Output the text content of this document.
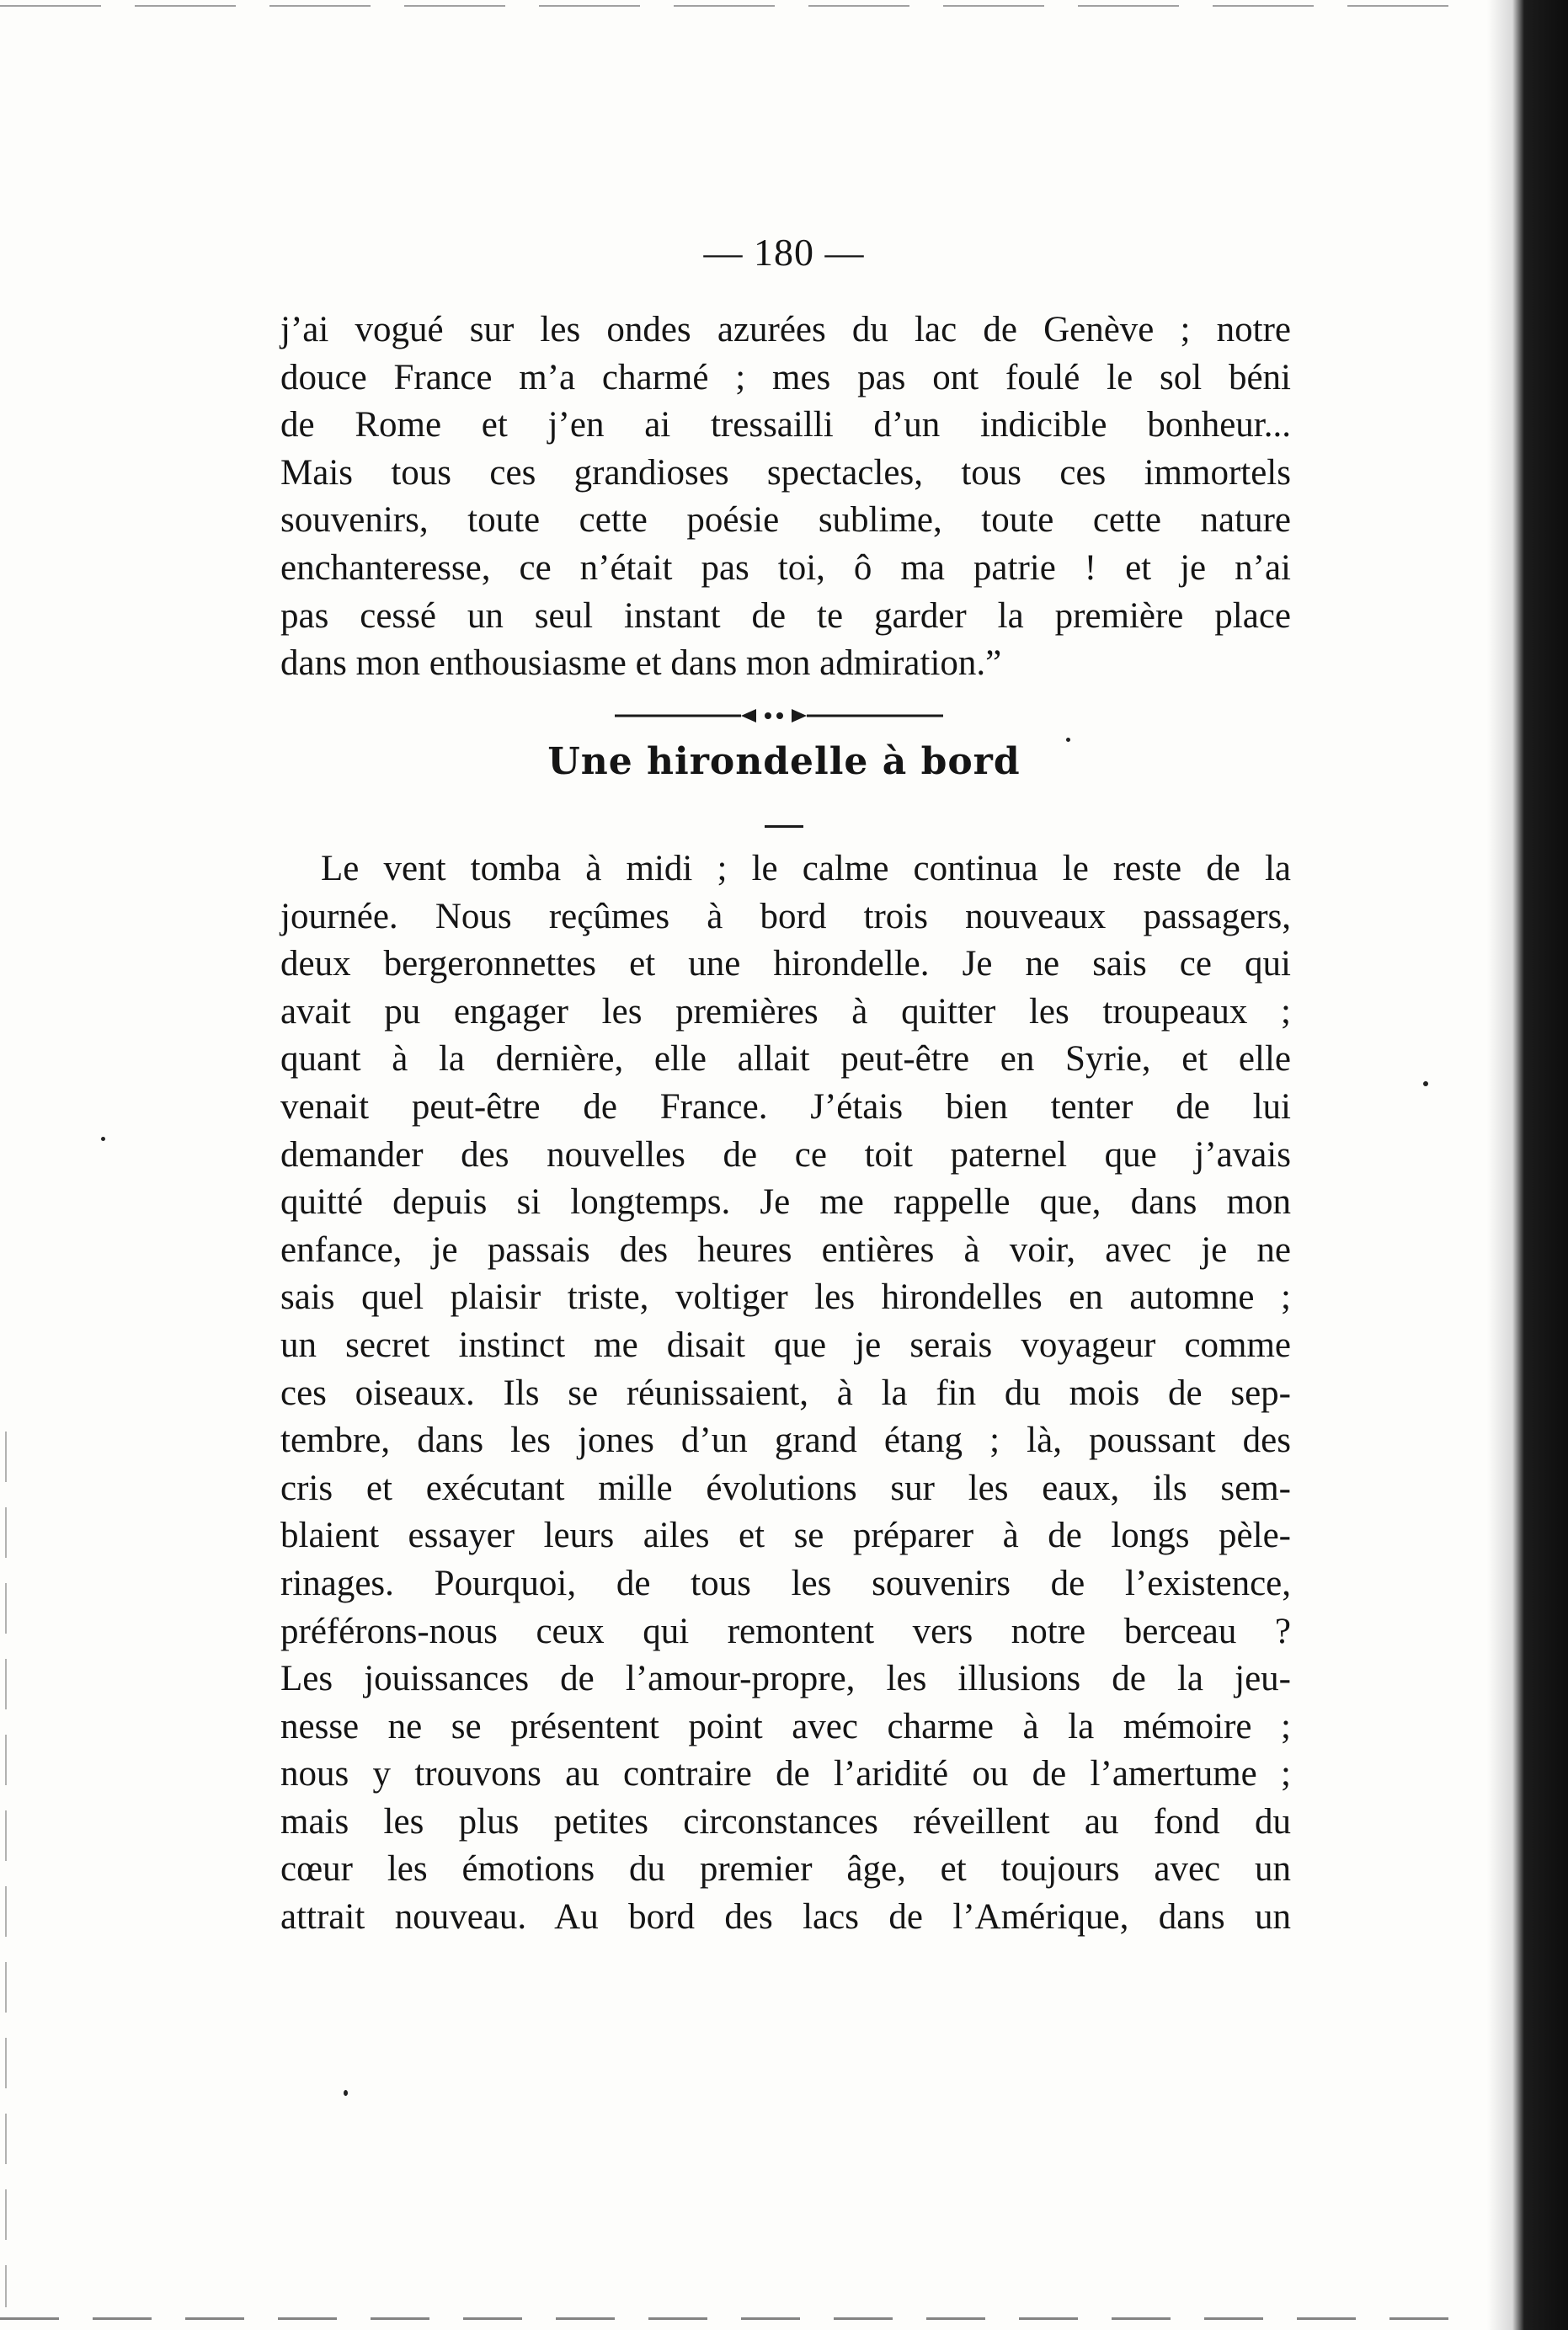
— 180 —
j’ai vogué sur les ondes azurées du lac de Genève ; notre
douce France m’a charmé ; mes pas ont foulé le sol béni
de Rome et j’en ai tressailli d’un indicible bonheur...
Mais tous ces grandioses spectacles, tous ces immortels
souvenirs, toute cette poésie sublime, toute cette nature
enchanteresse, ce n’était pas toi, ô ma patrie ! et je n’ai
pas cessé un seul instant de te garder la première place
dans mon enthousiasme et dans mon admiration.”
Une hirondelle à bord
Le vent tomba à midi ; le calme continua le reste de la
journée. Nous reçûmes à bord trois nouveaux passagers,
deux bergeronnettes et une hirondelle. Je ne sais ce qui
avait pu engager les premières à quitter les troupeaux ;
quant à la dernière, elle allait peut-être en Syrie, et elle
venait peut-être de France. J’étais bien tenter de lui
demander des nouvelles de ce toit paternel que j’avais
quitté depuis si longtemps. Je me rappelle que, dans mon
enfance, je passais des heures entières à voir, avec je ne
sais quel plaisir triste, voltiger les hirondelles en automne ;
un secret instinct me disait que je serais voyageur comme
ces oiseaux. Ils se réunissaient, à la fin du mois de sep-
tembre, dans les jones d’un grand étang ; là, poussant des
cris et exécutant mille évolutions sur les eaux, ils sem-
blaient essayer leurs ailes et se préparer à de longs pèle-
rinages. Pourquoi, de tous les souvenirs de l’existence,
préférons-nous ceux qui remontent vers notre berceau ?
Les jouissances de l’amour-propre, les illusions de la jeu-
nesse ne se présentent point avec charme à la mémoire ;
nous y trouvons au contraire de l’aridité ou de l’amertume ;
mais les plus petites circonstances réveillent au fond du
cœur les émotions du premier âge, et toujours avec un
attrait nouveau. Au bord des lacs de l’Amérique, dans un
